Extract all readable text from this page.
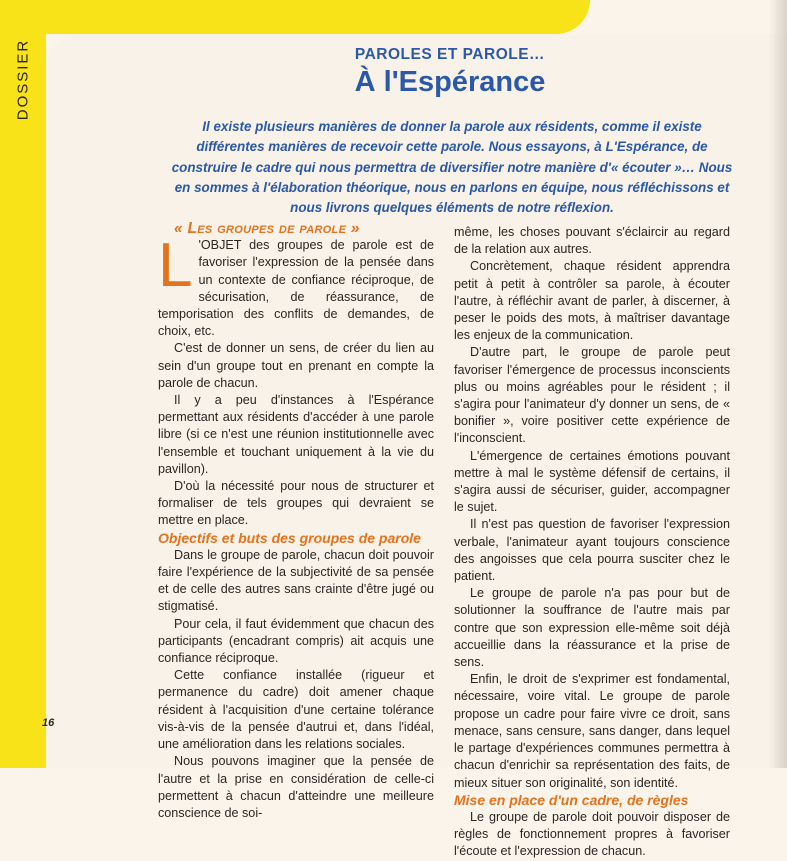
DOSSIER	PAROLES ET PAROLE…
À l'Espérance
Il existe plusieurs manières de donner la parole aux résidents, comme il existe différentes manières de recevoir cette parole. Nous essayons, à L'Espérance, de construire le cadre qui nous permettra de diversifier notre manière d'« écouter »… Nous en sommes à l'élaboration théorique, nous en parlons en équipe, nous réfléchissons et nous livrons quelques éléments de notre réflexion.

« Les groupes de parole »

L 'OBJET des groupes de parole est de favoriser l'expression de la pensée dans un contexte de confiance réciproque, de sécurisation, de réassurance, de temporisation des conflits de demandes, de choix, etc.

C'est de donner un sens, de créer du lien au sein d'un groupe tout en prenant en compte la parole de chacun.

Il y a peu d'instances à l'Espérance permettant aux résidents d'accéder à une parole libre (si ce n'est une réunion institutionnelle avec l'ensemble et touchant uniquement à la vie du pavillon).

D'où la nécessité pour nous de structurer et formaliser de tels groupes qui devraient se mettre en place.

Objectifs et buts des groupes de parole

Dans le groupe de parole, chacun doit pouvoir faire l'expérience de la subjectivité de sa pensée et de celle des autres sans crainte d'être jugé ou stigmatisé.

Pour cela, il faut évidemment que chacun des participants (encadrant compris) ait acquis une confiance réciproque.

Cette confiance installée (rigueur et permanence du cadre) doit amener chaque résident à l'acquisition d'une certaine tolérance vis-à-vis de la pensée d'autrui et, dans l'idéal, une amélioration dans les relations sociales.

Nous pouvons imaginer que la pensée de l'autre et la prise en considération de celle-ci permettent à chacun d'atteindre une meilleure conscience de soi-

même, les choses pouvant s'éclaircir au regard de la relation aux autres.

Concrètement, chaque résident apprendra petit à petit à contrôler sa parole, à écouter l'autre, à réfléchir avant de parler, à discerner, à peser le poids des mots, à maîtriser davantage les enjeux de la communication.

D'autre part, le groupe de parole peut favoriser l'émergence de processus inconscients plus ou moins agréables pour le résident ; il s'agira pour l'animateur d'y donner un sens, de « bonifier », voire positiver cette expérience de l'inconscient.

L'émergence de certaines émotions pouvant mettre à mal le système défensif de certains, il s'agira aussi de sécuriser, guider, accompagner le sujet.

Il n'est pas question de favoriser l'expression verbale, l'animateur ayant toujours conscience des angoisses que cela pourra susciter chez le patient.

Le groupe de parole n'a pas pour but de solutionner la souffrance de l'autre mais par contre que son expression elle-même soit déjà accueillie dans la réassurance et la prise de sens.

Enfin, le droit de s'exprimer est fondamental, nécessaire, voire vital. Le groupe de parole propose un cadre pour faire vivre ce droit, sans menace, sans censure, sans danger, dans lequel le partage d'expériences communes permettra à chacun d'enrichir sa représentation des faits, de mieux situer son originalité, son identité.

Mise en place d'un cadre, de règles

Le groupe de parole doit pouvoir disposer de règles de fonctionnement propres à favoriser l'écoute et l'expression de chacun.

16
